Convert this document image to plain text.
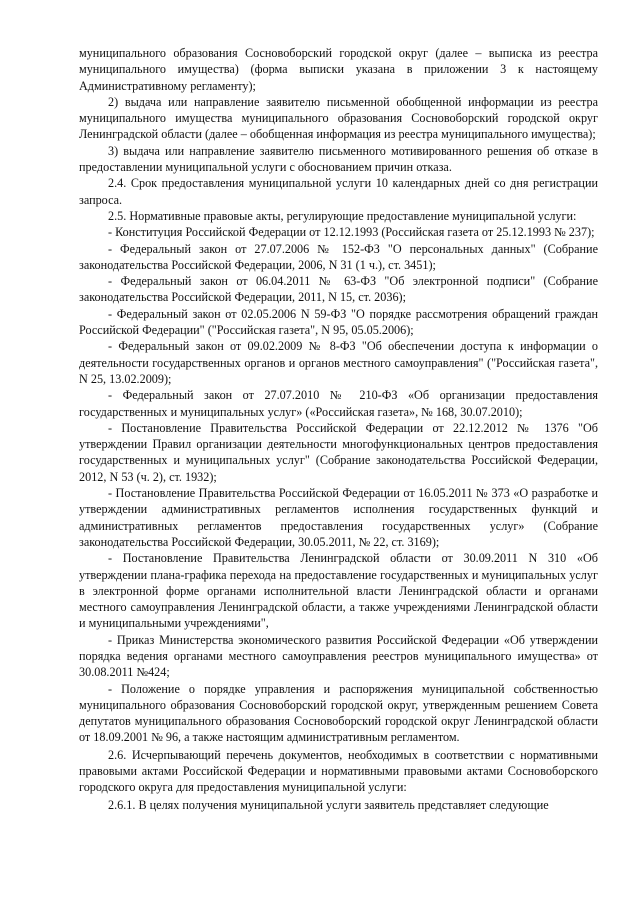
муниципального образования Сосновоборский городской округ (далее – выписка из реестра муниципального имущества) (форма выписки указана в приложении 3 к настоящему Административному регламенту);

2) выдача или направление заявителю письменной обобщенной информации из реестра муниципального имущества муниципального образования Сосновоборский городской округ Ленинградской области (далее – обобщенная информация из реестра муниципального имущества);

3) выдача или направление заявителю письменного мотивированного решения об отказе в предоставлении муниципальной услуги с обоснованием причин отказа.

2.4. Срок предоставления муниципальной услуги 10 календарных дней со дня регистрации запроса.

2.5. Нормативные правовые акты, регулирующие предоставление муниципальной услуги:

- Конституция Российской Федерации от 12.12.1993 (Российская газета от 25.12.1993 № 237);

- Федеральный закон от 27.07.2006 № 152-ФЗ "О персональных данных" (Собрание законодательства Российской Федерации, 2006, N 31 (1 ч.), ст. 3451);

- Федеральный закон от 06.04.2011 № 63-ФЗ "Об электронной подписи" (Собрание законодательства Российской Федерации, 2011, N 15, ст. 2036);

- Федеральный закон от 02.05.2006 N 59-ФЗ "О порядке рассмотрения обращений граждан Российской Федерации" ("Российская газета", N 95, 05.05.2006);

- Федеральный закон от 09.02.2009 № 8-ФЗ "Об обеспечении доступа к информации о деятельности государственных органов и органов местного самоуправления" ("Российская газета", N 25, 13.02.2009);

- Федеральный закон от 27.07.2010 № 210-ФЗ «Об организации предоставления государственных и муниципальных услуг» («Российская газета», № 168, 30.07.2010);

- Постановление Правительства Российской Федерации от 22.12.2012 № 1376 "Об утверждении Правил организации деятельности многофункциональных центров предоставления государственных и муниципальных услуг" (Собрание законодательства Российской Федерации, 2012, N 53 (ч. 2), ст. 1932);

- Постановление Правительства Российской Федерации от 16.05.2011 № 373 «О разработке и утверждении административных регламентов исполнения государственных функций и административных регламентов предоставления государственных услуг» (Собрание законодательства Российской Федерации, 30.05.2011, № 22, ст. 3169);

- Постановление Правительства Ленинградской области от 30.09.2011 N 310 «Об утверждении плана-графика перехода на предоставление государственных и муниципальных услуг в электронной форме органами исполнительной власти Ленинградской области и органами местного самоуправления Ленинградской области, а также учреждениями Ленинградской области и муниципальными учреждениями",

- Приказ Министерства экономического развития Российской Федерации «Об утверждении порядка ведения органами местного самоуправления реестров муниципального имущества» от 30.08.2011 №424;

- Положение о порядке управления и распоряжения муниципальной собственностью муниципального образования Сосновоборский городской округ, утвержденным решением Совета депутатов муниципального образования Сосновоборский городской округ Ленинградской области от 18.09.2001 № 96, а также настоящим административным регламентом.

2.6. Исчерпывающий перечень документов, необходимых в соответствии с нормативными правовыми актами Российской Федерации и нормативными правовыми актами Сосновоборского городского округа для предоставления муниципальной услуги:

2.6.1. В целях получения муниципальной услуги заявитель представляет следующие
